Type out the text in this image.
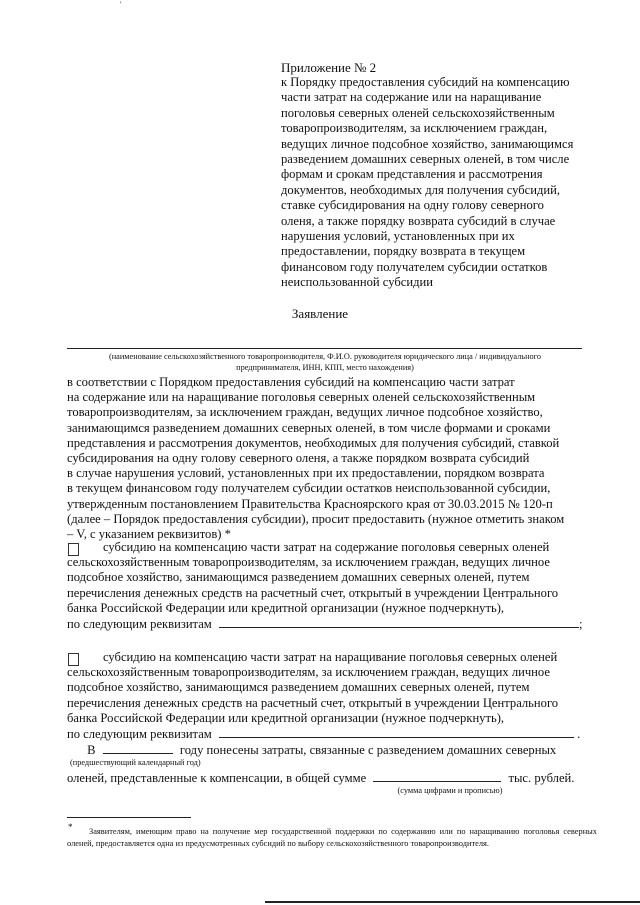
'

Приложение № 2

к Порядку предоставления субсидий на компенсацию
части затрат на содержание или на наращивание
поголовья северных оленей сельскохозяйственным
товаропроизводителям, за исключением граждан,
ведущих личное подсобное хозяйство, занимающимся
разведением домашних северных оленей, в том числе
формам и срокам представления и рассмотрения
документов, необходимых для получения субсидий,
ставке субсидирования на одну голову северного
оленя, а также порядку возврата субсидий в случае
нарушения условий, установленных при их
предоставлении, порядку возврата в текущем
финансовом году получателем субсидии остатков
неиспользованной субсидии

Заявление
(наименование сельскохозяйственного товаропроизводителя, Ф.И.О. руководителя юридического лица / индивидуального
предпринимателя, ИНН, КПП, место нахождения)
в соответствии с Порядком предоставления субсидий на компенсацию части затрат
на содержание или на наращивание поголовья северных оленей сельскохозяйственным
товаропроизводителям, за исключением граждан, ведущих личное подсобное хозяйство,
занимающимся разведением домашних северных оленей, в том числе формами и сроками
представления и рассмотрения документов, необходимых для получения субсидий, ставкой
субсидирования на одну голову северного оленя, а также порядком возврата субсидий
в случае нарушения условий, установленных при их предоставлении, порядком возврата
в текущем финансовом году получателем субсидии остатков неиспользованной субсидии,
утвержденным постановлением Правительства Красноярского края от 30.03.2015 № 120-п
(далее – Порядок предоставления субсидии), просит предоставить (нужное отметить знаком
– V, с указанием реквизитов) *
субсидию на компенсацию части затрат на содержание поголовья северных оленей
сельскохозяйственным товаропроизводителям, за исключением граждан, ведущих личное
подсобное хозяйство, занимающимся разведением домашних северных оленей, путем
перечисления денежных средств на расчетный счет, открытый в учреждении Центрального
банка Российской Федерации или кредитной организации (нужное подчеркнуть),
по следующим реквизитам	;
субсидию на компенсацию части затрат на наращивание поголовья северных оленей
сельскохозяйственным товаропроизводителям, за исключением граждан, ведущих личное
подсобное хозяйство, занимающимся разведением домашних северных оленей, путем
перечисления денежных средств на расчетный счет, открытый в учреждении Центрального
банка Российской Федерации или кредитной организации (нужное подчеркнуть),
по следующим реквизитам	.
В	году понесены затраты, связанные с разведением домашних северных
(предшествующий календарный год)
оленей, представленные к компенсации, в общей сумме	тыс. рублей.
(сумма цифрами и прописью)
*	Заявителям, имеющим право на получение мер государственной поддержки по содержанию или по наращиванию поголовья северных оленей, предоставляется одна из предусмотренных субсидий по выбору сельскохозяйственного товаропроизводителя.
